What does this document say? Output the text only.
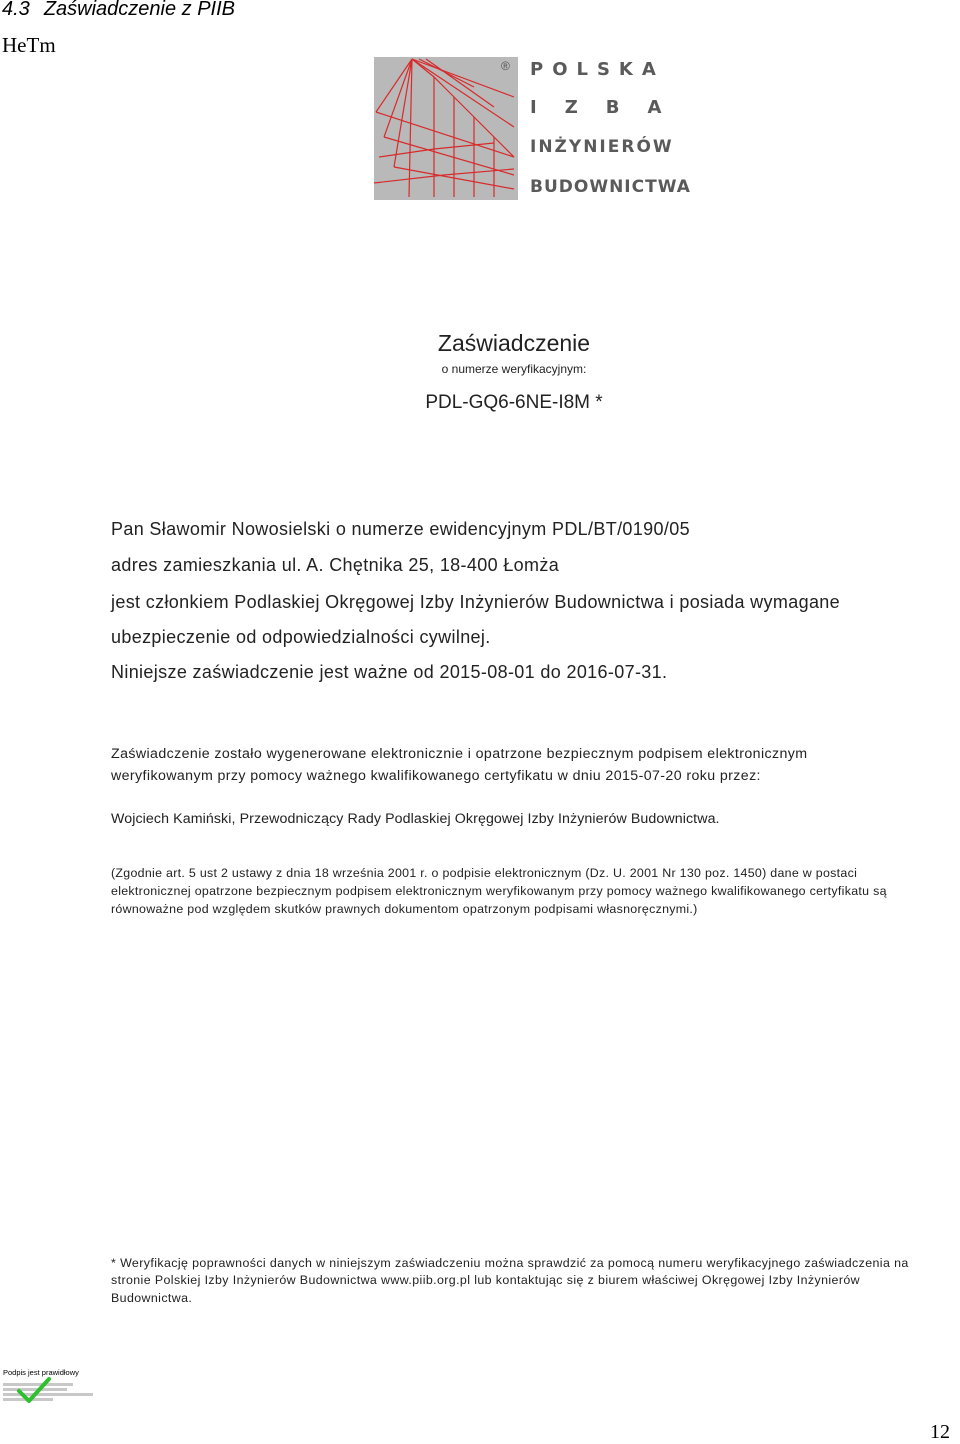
4.3 Zaświadczenie z PIIB
HeTm
® POLSKA
IZBA
INŻYNIERÓW
BUDOWNICTWA
Zaświadczenie
o numerze weryfikacyjnym:
PDL-GQ6-6NE-I8M *
Pan Sławomir Nowosielski o numerze ewidencyjnym PDL/BT/0190/05
adres zamieszkania ul. A. Chętnika 25, 18-400 Łomża
jest członkiem Podlaskiej Okręgowej Izby Inżynierów Budownictwa i posiada wymagane
ubezpieczenie od odpowiedzialności cywilnej.
Niniejsze zaświadczenie jest ważne od 2015-08-01 do 2016-07-31.
Zaświadczenie zostało wygenerowane elektronicznie i opatrzone bezpiecznym podpisem elektronicznym
weryfikowanym przy pomocy ważnego kwalifikowanego certyfikatu w dniu 2015-07-20 roku przez:
Wojciech Kamiński, Przewodniczący Rady Podlaskiej Okręgowej Izby Inżynierów Budownictwa.
(Zgodnie art. 5 ust 2 ustawy z dnia 18 września 2001 r. o podpisie elektronicznym (Dz. U. 2001 Nr 130 poz. 1450) dane w postaci
elektronicznej opatrzone bezpiecznym podpisem elektronicznym weryfikowanym przy pomocy ważnego kwalifikowanego certyfikatu są
równoważne pod względem skutków prawnych dokumentom opatrzonym podpisami własnoręcznymi.)
* Weryfikację poprawności danych w niniejszym zaświadczeniu można sprawdzić za pomocą numeru weryfikacyjnego zaświadczenia na
stronie Polskiej Izby Inżynierów Budownictwa www.piib.org.pl lub kontaktując się z biurem właściwej Okręgowej Izby Inżynierów
Budownictwa.
Podpis jest prawidłowy
12
